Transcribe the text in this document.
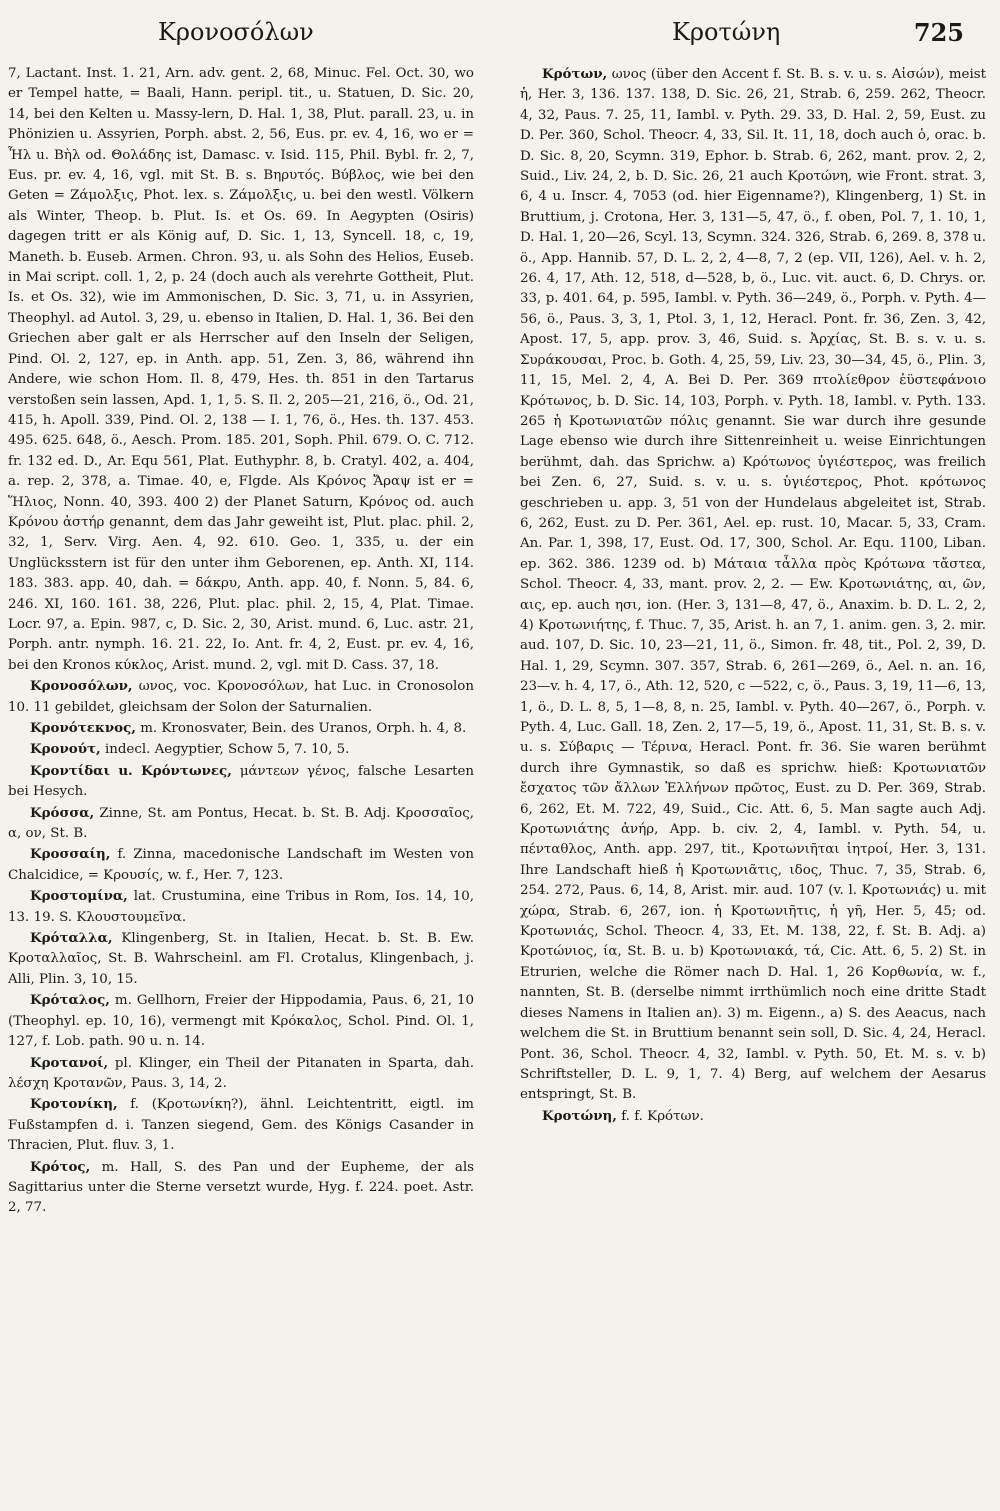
Κρονοσόλων	Κροτώνη	725

7, Lactant. Inst. 1. 21, Arn. adv. gent. 2, 68, Minuc. Fel. Oct. 30, wo er Tempel hatte, = Baali, Hann. peripl. tit., u. Statuen, D. Sic. 20, 14, bei den Kelten u. Massy-lern, D. Hal. 1, 38, Plut. parall. 23, u. in Phönizien u. Assyrien, Porph. abst. 2, 56, Eus. pr. ev. 4, 16, wo er = Ἦλ u. Βὴλ od. Θολάδης ist, Damasc. v. Isid. 115, Phil. Bybl. fr. 2, 7, Eus. pr. ev. 4, 16, vgl. mit St. B. s. Βηρυτός. Βύβλος, wie bei den Geten = Ζάμολξις, Phot. lex. s. Ζάμολξις, u. bei den westl. Völkern als Winter, Theop. b. Plut. Is. et Os. 69. In Aegypten (Osiris) dagegen tritt er als König auf, D. Sic. 1, 13, Syncell. 18, c, 19, Maneth. b. Euseb. Armen. Chron. 93, u. als Sohn des Helios, Euseb. in Mai script. coll. 1, 2, p. 24 (doch auch als verehrte Gottheit, Plut. Is. et Os. 32), wie im Ammonischen, D. Sic. 3, 71, u. in Assyrien, Theophyl. ad Autol. 3, 29, u. ebenso in Italien, D. Hal. 1, 36. Bei den Griechen aber galt er als Herrscher auf den Inseln der Seligen, Pind. Ol. 2, 127, ep. in Anth. app. 51, Zen. 3, 86, während ihn Andere, wie schon Hom. Il. 8, 479, Hes. th. 851 in den Tartarus verstoßen sein lassen, Apd. 1, 1, 5. S. Il. 2, 205—21, 216, ö., Od. 21, 415, h. Apoll. 339, Pind. Ol. 2, 138 — I. 1, 76, ö., Hes. th. 137. 453. 495. 625. 648, ö., Aesch. Prom. 185. 201, Soph. Phil. 679. O. C. 712. fr. 132 ed. D., Ar. Equ 561, Plat. Euthyphr. 8, b. Cratyl. 402, a. 404, a. rep. 2, 378, a. Timae. 40, e, Flgde. Als Κρόνος Ἄραψ ist er = Ἥλιος, Nonn. 40, 393. 400 2) der Planet Saturn, Κρόνος od. auch Κρόνου ἀστήρ genannt, dem das Jahr geweiht ist, Plut. plac. phil. 2, 32, 1, Serv. Virg. Aen. 4, 92. 610. Geo. 1, 335, u. der ein Unglücksstern ist für den unter ihm Geborenen, ep. Anth. XI, 114. 183. 383. app. 40, dah. = δάκρυ, Anth. app. 40, f. Nonn. 5, 84. 6, 246. XI, 160. 161. 38, 226, Plut. plac. phil. 2, 15, 4, Plat. Timae. Locr. 97, a. Epin. 987, c, D. Sic. 2, 30, Arist. mund. 6, Luc. astr. 21, Porph. antr. nymph. 16. 21. 22, Io. Ant. fr. 4, 2, Eust. pr. ev. 4, 16, bei den Kronos κύκλος, Arist. mund. 2, vgl. mit D. Cass. 37, 18.

Κρονοσόλων, ωνος, voc. Κρονοσόλων, hat Luc. in Cronosolon 10. 11 gebildet, gleichsam der Solon der Saturnalien.

Κρονότεκνος, m. Kronosvater, Bein. des Uranos, Orph. h. 4, 8.

Κρονούτ, indecl. Aegyptier, Schow 5, 7. 10, 5.

Κροντίδαι u. Κρόντωνες, μάντεων γένος, falsche Lesarten bei Hesych.

Κρόσσα, Zinne, St. am Pontus, Hecat. b. St. B. Adj. Κροσσαῖος, α, ον, St. B.

Κροσσαίη, f. Zinna, macedonische Landschaft im Westen von Chalcidice, = Κρουσίς, w. f., Her. 7, 123.

Κροστομίνα, lat. Crustumina, eine Tribus in Rom, Ios. 14, 10, 13. 19. S. Κλουστουμεῖνα.

Κρόταλλα, Klingenberg, St. in Italien, Hecat. b. St. B. Ew. Κροταλλαῖος, St. B. Wahrscheinl. am Fl. Crotalus, Klingenbach, j. Alli, Plin. 3, 10, 15.

Κρόταλος, m. Gellhorn, Freier der Hippodamia, Paus. 6, 21, 10 (Theophyl. ep. 10, 16), vermengt mit Κρόκαλος, Schol. Pind. Ol. 1, 127, f. Lob. path. 90 u. n. 14.

Κροτανοί, pl. Klinger, ein Theil der Pitanaten in Sparta, dah. λέσχη Κροτανῶν, Paus. 3, 14, 2.

Κροτονίκη, f. (Κροτωνίκη?), ähnl. Leichtentritt, eigtl. im Fußstampfen d. i. Tanzen siegend, Gem. des Königs Casander in Thracien, Plut. fluv. 3, 1.

Κρότος, m. Hall, S. des Pan und der Eupheme, der als Sagittarius unter die Sterne versetzt wurde, Hyg. f. 224. poet. Astr. 2, 77.

Κρότων, ωνος (über den Accent f. St. B. s. v. u. s. Αἰσών), meist ἡ, Her. 3, 136. 137. 138, D. Sic. 26, 21, Strab. 6, 259. 262, Theocr. 4, 32, Paus. 7. 25, 11, Iambl. v. Pyth. 29. 33, D. Hal. 2, 59, Eust. zu D. Per. 360, Schol. Theocr. 4, 33, Sil. It. 11, 18, doch auch ὁ, orac. b. D. Sic. 8, 20, Scymn. 319, Ephor. b. Strab. 6, 262, mant. prov. 2, 2, Suid., Liv. 24, 2, b. D. Sic. 26, 21 auch Κροτώνη, wie Front. strat. 3, 6, 4 u. Inscr. 4, 7053 (od. hier Eigenname?), Klingenberg, 1) St. in Bruttium, j. Crotona, Her. 3, 131—5, 47, ö., f. oben, Pol. 7, 1. 10, 1, D. Hal. 1, 20—26, Scyl. 13, Scymn. 324. 326, Strab. 6, 269. 8, 378 u. ö., App. Hannib. 57, D. L. 2, 2, 4—8, 7, 2 (ep. VII, 126), Ael. v. h. 2, 26. 4, 17, Ath. 12, 518, d—528, b, ö., Luc. vit. auct. 6, D. Chrys. or. 33, p. 401. 64, p. 595, Iambl. v. Pyth. 36—249, ö., Porph. v. Pyth. 4—56, ö., Paus. 3, 3, 1, Ptol. 3, 1, 12, Heracl. Pont. fr. 36, Zen. 3, 42, Apost. 17, 5, app. prov. 3, 46, Suid. s. Ἀρχίας, St. B. s. v. u. s. Συράκουσαι, Proc. b. Goth. 4, 25, 59, Liv. 23, 30—34, 45, ö., Plin. 3, 11, 15, Mel. 2, 4, A. Bei D. Per. 369 πτολίεθρον ἐϋστεφάνοιο Κρότωνος, b. D. Sic. 14, 103, Porph. v. Pyth. 18, Iambl. v. Pyth. 133. 265 ἡ Κροτωνιατῶν πόλις genannt. Sie war durch ihre gesunde Lage ebenso wie durch ihre Sittenreinheit u. weise Einrichtungen berühmt, dah. das Sprichw. a) Κρότωνος ὑγιέστερος, was freilich bei Zen. 6, 27, Suid. s. v. u. s. ὑγιέστερος, Phot. κρότωνος geschrieben u. app. 3, 51 von der Hundelaus abgeleitet ist, Strab. 6, 262, Eust. zu D. Per. 361, Ael. ep. rust. 10, Macar. 5, 33, Cram. An. Par. 1, 398, 17, Eust. Od. 17, 300, Schol. Ar. Equ. 1100, Liban. ep. 362. 386. 1239 od. b) Μάταια τἆλλα πρὸς Κρότωνα τἄστεα, Schol. Theocr. 4, 33, mant. prov. 2, 2. — Ew. Κροτωνιάτης, αι, ῶν, αις, ep. auch ησι, ion. (Her. 3, 131—8, 47, ö., Anaxim. b. D. L. 2, 2, 4) Κροτωνιήτης, f. Thuc. 7, 35, Arist. h. an 7, 1. anim. gen. 3, 2. mir. aud. 107, D. Sic. 10, 23—21, 11, ö., Simon. fr. 48, tit., Pol. 2, 39, D. Hal. 1, 29, Scymn. 307. 357, Strab. 6, 261—269, ö., Ael. n. an. 16, 23—v. h. 4, 17, ö., Ath. 12, 520, c —522, c, ö., Paus. 3, 19, 11—6, 13, 1, ö., D. L. 8, 5, 1—8, 8, n. 25, Iambl. v. Pyth. 40—267, ö., Porph. v. Pyth. 4, Luc. Gall. 18, Zen. 2, 17—5, 19, ö., Apost. 11, 31, St. B. s. v. u. s. Σύβαρις — Τέρινα, Heracl. Pont. fr. 36. Sie waren berühmt durch ihre Gymnastik, so daß es sprichw. hieß: Κροτωνιατῶν ἔσχατος τῶν ἄλλων Ἑλλήνων πρῶτος, Eust. zu D. Per. 369, Strab. 6, 262, Et. M. 722, 49, Suid., Cic. Att. 6, 5. Man sagte auch Adj. Κροτωνιάτης ἀνήρ, App. b. civ. 2, 4, Iambl. v. Pyth. 54, u. πένταθλος, Anth. app. 297, tit., Κροτωνιῆται ἰητροί, Her. 3, 131. Ihre Landschaft hieß ἡ Κροτωνιᾶτις, ιδος, Thuc. 7, 35, Strab. 6, 254. 272, Paus. 6, 14, 8, Arist. mir. aud. 107 (v. l. Κροτωνιάς) u. mit χώρα, Strab. 6, 267, ion. ἡ Κροτωνιῆτις, ἡ γῆ, Her. 5, 45; od. Κροτωνιάς, Schol. Theocr. 4, 33, Et. M. 138, 22, f. St. B. Adj. a) Κροτώνιος, ία, St. B. u. b) Κροτωνιακά, τά, Cic. Att. 6, 5. 2) St. in Etrurien, welche die Römer nach D. Hal. 1, 26 Κορθωνία, w. f., nannten, St. B. (derselbe nimmt irrthümlich noch eine dritte Stadt dieses Namens in Italien an). 3) m. Eigenn., a) S. des Aeacus, nach welchem die St. in Bruttium benannt sein soll, D. Sic. 4, 24, Heracl. Pont. 36, Schol. Theocr. 4, 32, Iambl. v. Pyth. 50, Et. M. s. v. b) Schriftsteller, D. L. 9, 1, 7. 4) Berg, auf welchem der Aesarus entspringt, St. B.

Κροτώνη, f. f. Κρότων.
